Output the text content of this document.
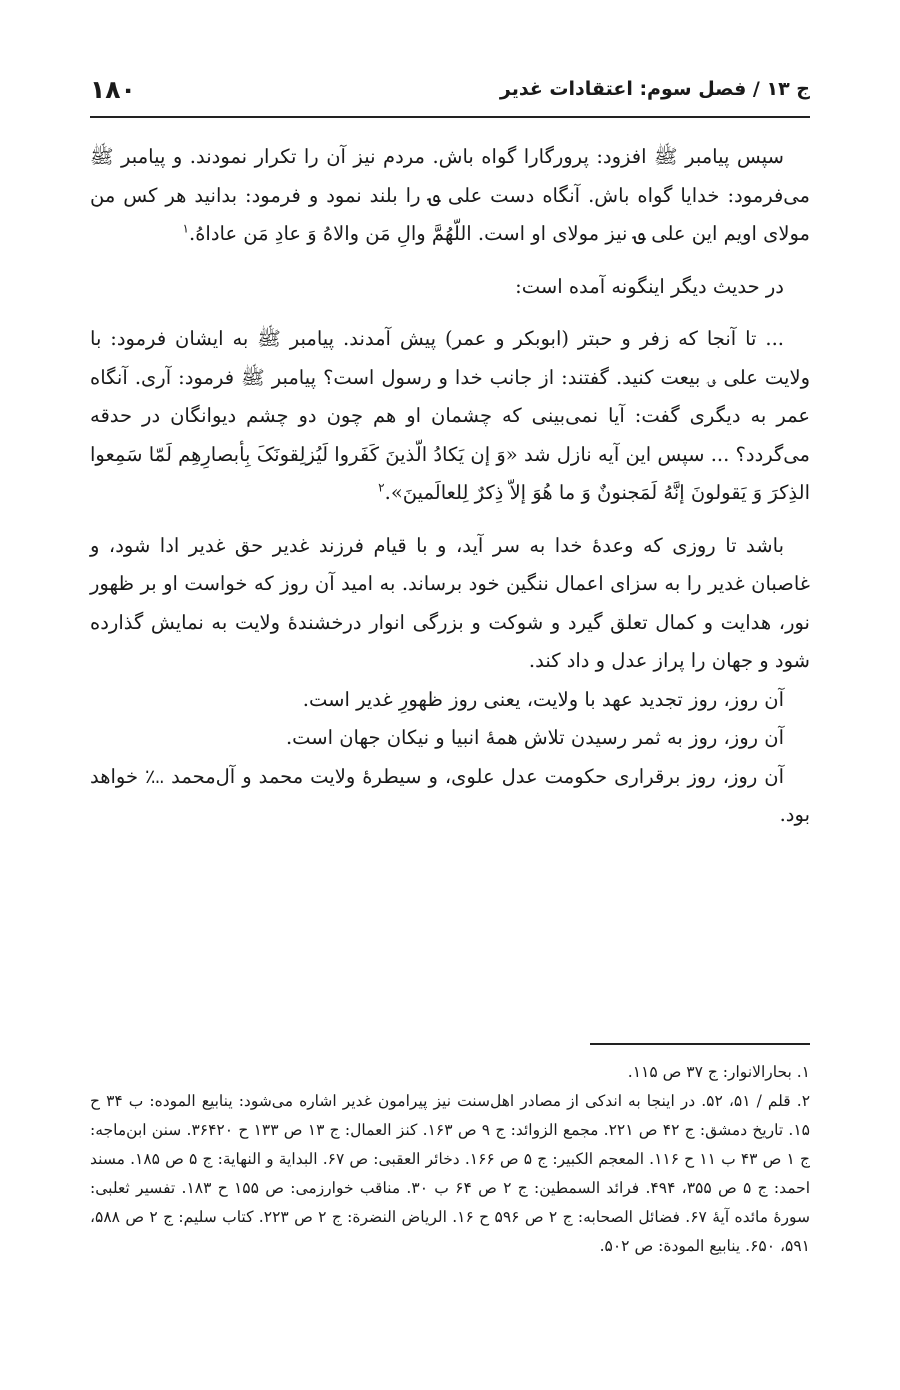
ج ۱۳ / فصل سوم: اعتقادات غدیر
۱۸۰

سپس پیامبر ﷺ افزود: پرورگارا گواه باش. مردم نیز آن را تکرار نمودند. و پیامبر ﷺ می‌فرمود: خدایا گواه باش. آنگاه دست علی ؈ را بلند نمود و فرمود: بدانید هر کس من مولای اویم این علی ؈ نیز مولای او است. اللّهُمَّ والِ مَن والاهُ وَ عادِ مَن عاداهُ.$^۱$

در حدیث دیگر اینگونه آمده است:

... تا آنجا که زفر و حبتر (ابوبکر و عمر) پیش آمدند. پیامبر ﷺ به ایشان فرمود: با ولایت علی ؈ بیعت کنید. گفتند: از جانب خدا و رسول است؟ پیامبر ﷺ فرمود: آری. آنگاه عمر به دیگری گفت: آیا نمی‌بینی که چشمان او هم چون دو چشم دیوانگان در حدقه می‌گردد؟ ... سپس این آیه نازل شد «وَ إن یَکادُ الّذینَ کَفَروا لَیُزلِقونَکَ بِأبصارِهِم لَمّا سَمِعوا الذِکرَ وَ یَقولونَ إنَّهُ لَمَجنونٌ وَ ما هُوَ إلاّ ذِکرٌ لِلعالَمینَ».$^۲$

باشد تا روزی که وعدهٔ خدا به سر آید، و با قیام فرزند غدیر حق غدیر ادا شود، و غاصبان غدیر را به سزای اعمال ننگین خود برساند. به امید آن روز که خواست او بر ظهور نور، هدایت و کمال تعلق گیرد و شوکت و بزرگی انوار درخشندهٔ ولایت به نمایش گذارده شود و جهان را پراز عدل و داد کند.

آن روز، روز تجدید عهد با ولایت، یعنی روز ظهورِ غدیر است.

آن روز، روز به ثمر رسیدن تلاش همهٔ انبیا و نیکان جهان است.

آن روز، روز برقراری حکومت عدل علوی، و سیطرهٔ ولایت محمد و آل‌محمد ؊ خواهد بود.

۱. بحارالانوار: ج ۳۷ ص ۱۱۵.

۲. قلم / ۵۱، ۵۲. در اینجا به اندکی از مصادر اهل‌سنت نیز پیرامون غدیر اشاره می‌شود: ینابیع الموده: ب ۳۴ ح ۱۵. تاریخ دمشق: ج ۴۲ ص ۲۲۱. مجمع الزوائد: ج ۹ ص ۱۶۳. کنز العمال: ج ۱۳ ص ۱۳۳ ح ۳۶۴۲۰. سنن ابن‌ماجه: ج ۱ ص ۴۳ ب ۱۱ ح ۱۱۶. المعجم الکبیر: ج ۵ ص ۱۶۶. دخائر العقبی: ص ۶۷. البدایة و النهایة: ج ۵ ص ۱۸۵. مسند احمد: ج ۵ ص ۳۵۵، ۴۹۴. فرائد السمطین: ج ۲ ص ۶۴ ب ۳۰. مناقب خوارزمی: ص ۱۵۵ ح ۱۸۳. تفسیر ثعلبی: سورهٔ مائده آیهٔ ۶۷. فضائل الصحابه: ج ۲ ص ۵۹۶ ح ۱۶. الریاض النضرة: ج ۲ ص ۲۲۳. کتاب سلیم: ج ۲ ص ۵۸۸، ۵۹۱، ۶۵۰. ینابیع المودة: ص ۵۰۲.
